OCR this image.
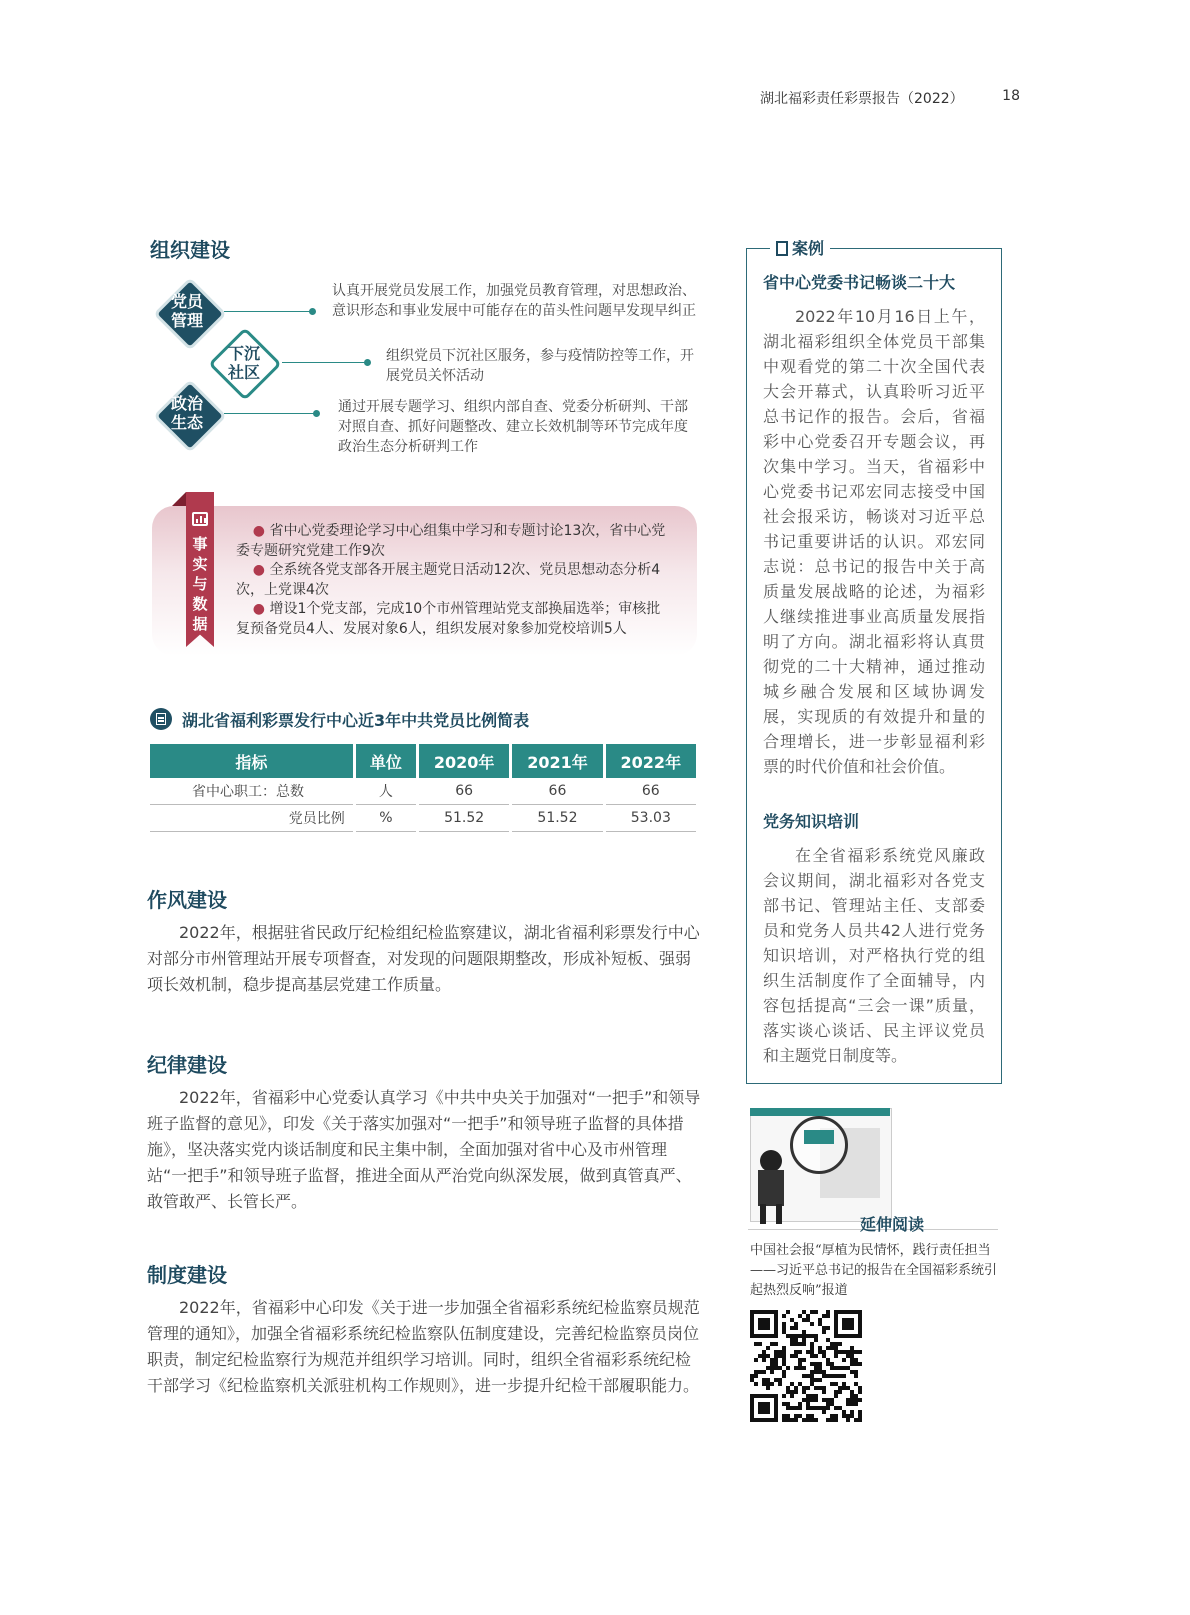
湖北福彩责任彩票报告（2022）	18
组织建设
党员
管理
下沉
社区
政治
生态
认真开展党员发展工作，加强党员教育管理，对思想政治、意识形态和事业发展中可能存在的苗头性问题早发现早纠正
组织党员下沉社区服务，参与疫情防控等工作，开展党员关怀活动
通过开展专题学习、组织内部自查、党委分析研判、干部对照自查、抓好问题整改、建立长效机制等环节完成年度政治生态分析研判工作
事实与数据
● 省中心党委理论学习中心组集中学习和专题讨论13次，省中心党委专题研究党建工作9次
● 全系统各党支部各开展主题党日活动12次、党员思想动态分析4次，上党课4次
● 增设1个党支部，完成10个市州管理站党支部换届选举；审核批复预备党员4人、发展对象6人，组织发展对象参加党校培训5人
湖北省福利彩票发行中心近3年中共党员比例简表
指标	单位	2020年	2021年	2022年
省中心职工：总数	人	66	66	66
党员比例	%	51.52	51.52	53.03
作风建设

2022年，根据驻省民政厅纪检组纪检监察建议，湖北省福利彩票发行中心对部分市州管理站开展专项督查，对发现的问题限期整改，形成补短板、强弱项长效机制，稳步提高基层党建工作质量。

纪律建设

2022年，省福彩中心党委认真学习《中共中央关于加强对“一把手”和领导班子监督的意见》，印发《关于落实加强对“一把手”和领导班子监督的具体措施》，坚决落实党内谈话制度和民主集中制，全面加强对省中心及市州管理站“一把手”和领导班子监督，推进全面从严治党向纵深发展，做到真管真严、敢管敢严、长管长严。

制度建设

2022年，省福彩中心印发《关于进一步加强全省福彩系统纪检监察员规范管理的通知》，加强全省福彩系统纪检监察队伍制度建设，完善纪检监察员岗位职责，制定纪检监察行为规范并组织学习培训。同时，组织全省福彩系统纪检干部学习《纪检监察机关派驻机构工作规则》，进一步提升纪检干部履职能力。

案例
省中心党委书记畅谈二十大

2022年10月16日上午，湖北福彩组织全体党员干部集中观看党的第二十次全国代表大会开幕式，认真聆听习近平总书记作的报告。会后，省福彩中心党委召开专题会议，再次集中学习。当天，省福彩中心党委书记邓宏同志接受中国社会报采访，畅谈对习近平总书记重要讲话的认识。邓宏同志说：总书记的报告中关于高质量发展战略的论述，为福彩人继续推进事业高质量发展指明了方向。湖北福彩将认真贯彻党的二十大精神，通过推动城乡融合发展和区域协调发展，实现质的有效提升和量的合理增长，进一步彰显福利彩票的时代价值和社会价值。

党务知识培训

在全省福彩系统党风廉政会议期间，湖北福彩对各党支部书记、管理站主任、支部委员和党务人员共42人进行党务知识培训，对严格执行党的组织生活制度作了全面辅导，内容包括提高“三会一课”质量，落实谈心谈话、民主评议党员和主题党日制度等。

延伸阅读
中国社会报“厚植为民情怀，践行责任担当——习近平总书记的报告在全国福彩系统引起热烈反响”报道
